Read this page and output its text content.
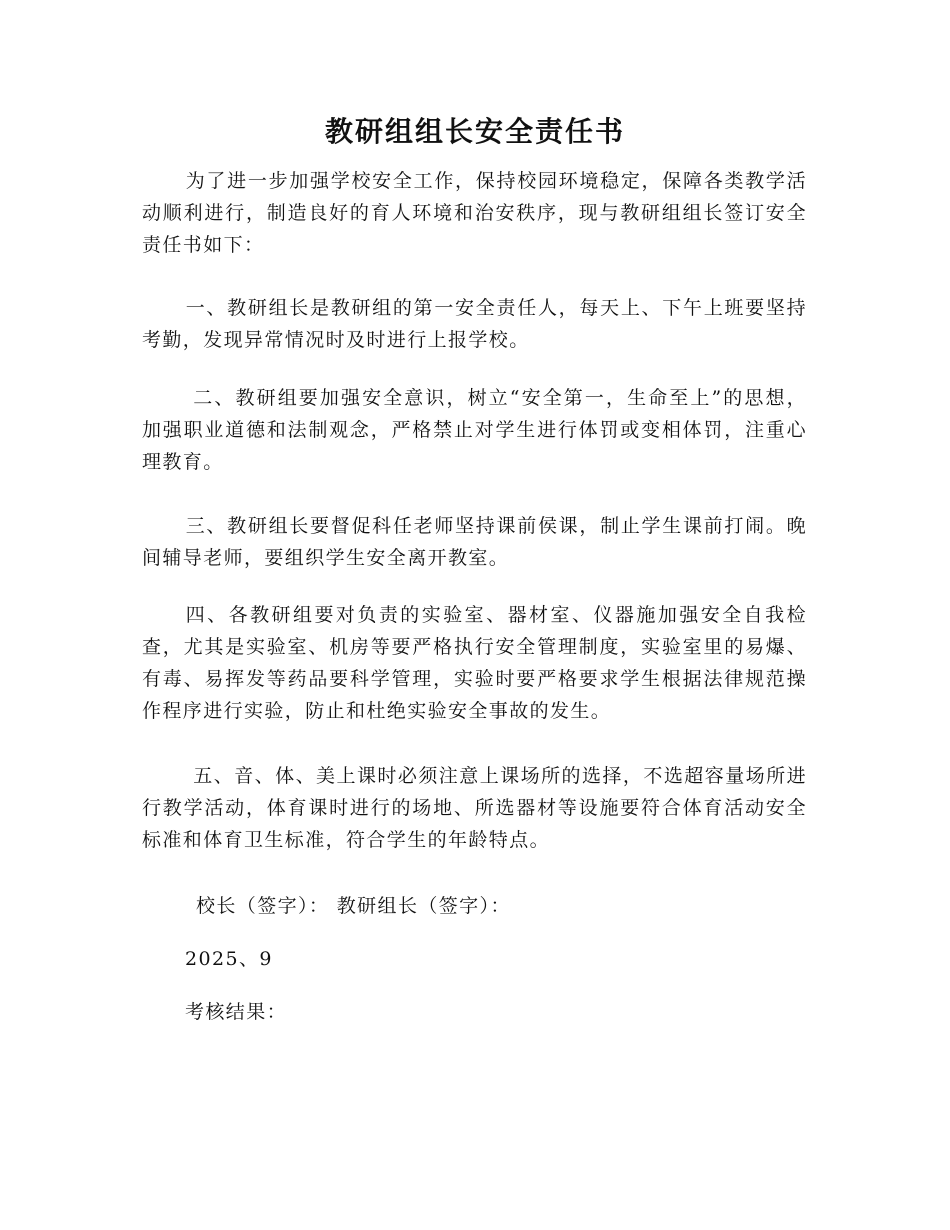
教研组组长安全责任书

为了进一步加强学校安全工作，保持校园环境稳定，保障各类教学活动顺利进行，制造良好的育人环境和治安秩序，现与教研组组长签订安全责任书如下：

一、教研组长是教研组的第一安全责任人，每天上、下午上班要坚持考勤，发现异常情况时及时进行上报学校。

二、教研组要加强安全意识，树立“安全第一，生命至上”的思想，加强职业道德和法制观念，严格禁止对学生进行体罚或变相体罚，注重心理教育。

三、教研组长要督促科任老师坚持课前侯课，制止学生课前打闹。晚间辅导老师，要组织学生安全离开教室。

四、各教研组要对负责的实验室、器材室、仪器施加强安全自我检查，尤其是实验室、机房等要严格执行安全管理制度，实验室里的易爆、有毒、易挥发等药品要科学管理，实验时要严格要求学生根据法律规范操作程序进行实验，防止和杜绝实验安全事故的发生。

五、音、体、美上课时必须注意上课场所的选择，不选超容量场所进行教学活动，体育课时进行的场地、所选器材等设施要符合体育活动安全标准和体育卫生标准，符合学生的年龄特点。

校长（签字）： 教研组长（签字）：

2025、9

考核结果：
